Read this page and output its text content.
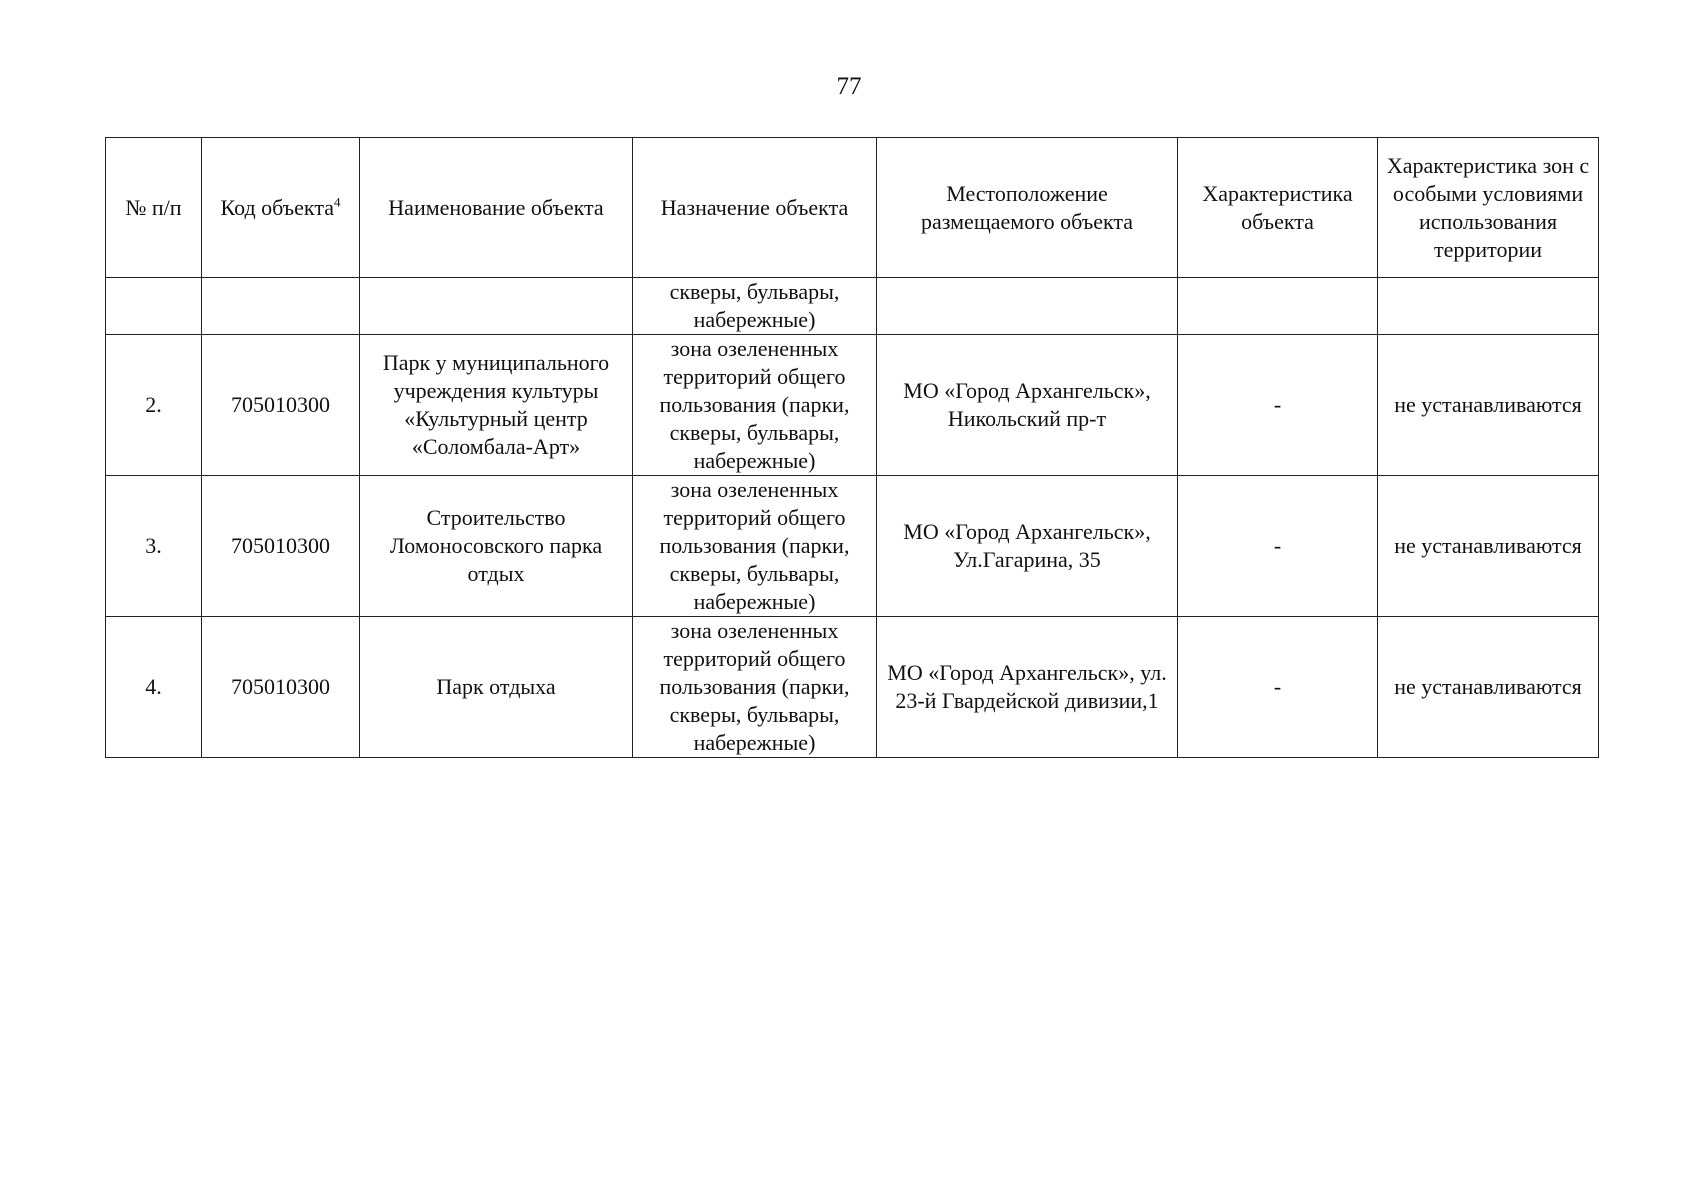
77
№ п/п	Код объекта$^4$	Наименование объекта	Назначение объекта	Местоположение размещаемого объекта	Характеристика объекта	Характеристика зон с особыми условиями использования территории
			скверы, бульвары, набережные)			
2.	705010300	Парк у муниципального учреждения культуры «Культурный центр «Соломбала-Арт»	зона озелененных территорий общего пользования (парки, скверы, бульвары, набережные)	МО «Город Архангельск», Никольский пр-т	-	не устанавливаются
3.	705010300	Строительство Ломоносовского парка отдых	зона озелененных территорий общего пользования (парки, скверы, бульвары, набережные)	МО «Город Архангельск», Ул.Гагарина, 35	-	не устанавливаются
4.	705010300	Парк отдыха	зона озелененных территорий общего пользования (парки, скверы, бульвары, набережные)	МО «Город Архангельск», ул. 23-й Гвардейской дивизии,1	-	не устанавливаются
